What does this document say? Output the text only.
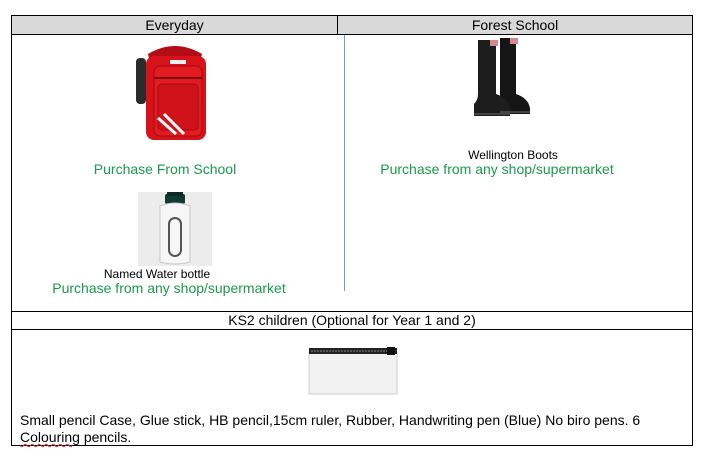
Everyday	Forest School
Purchase From School
Named Water bottle
Purchase from any shop/supermarket
Wellington Boots
Purchase from any shop/supermarket
KS2 children (Optional for Year 1 and 2)
Small pencil Case, Glue stick, HB pencil,15cm ruler, Rubber, Handwriting pen (Blue) No biro pens. 6
Colouring pencils.
